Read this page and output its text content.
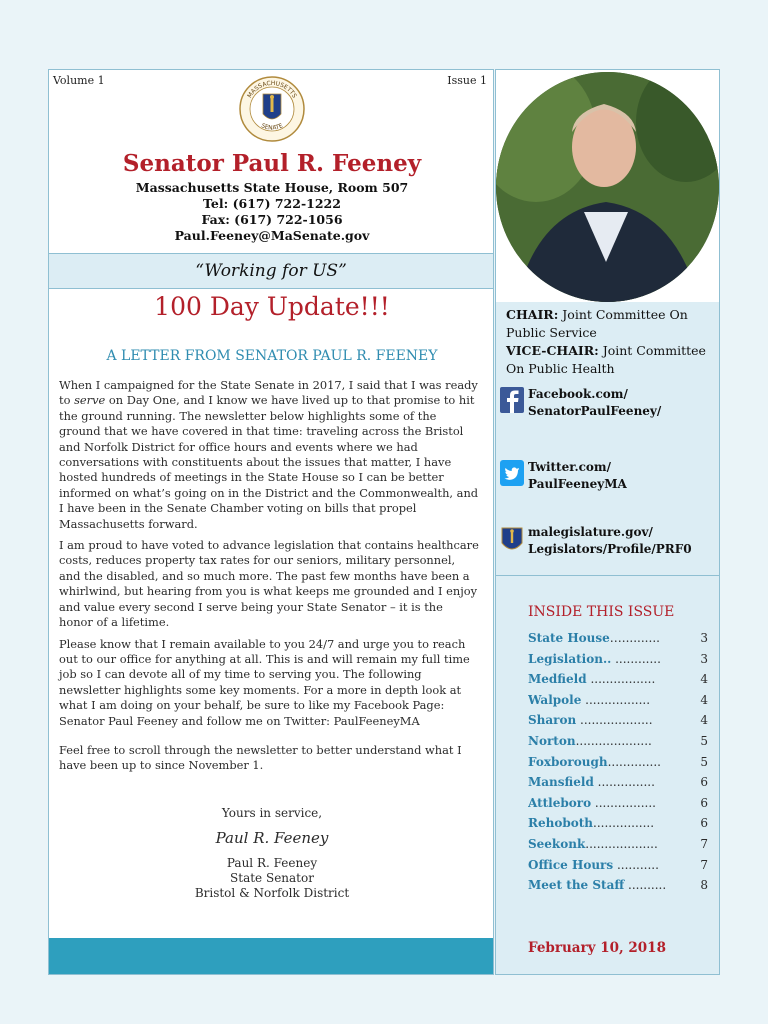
Volume 1	Issue 1
MASSACHUSETTS
SENATE
Senator Paul R. Feeney
Massachusetts State House, Room 507
Tel: (617) 722-1222
Fax: (617) 722-1056
Paul.Feeney@MaSenate.gov
“Working for US”
100 Day Update!!!
A LETTER FROM SENATOR PAUL R. FEENEY

When I campaigned for the State Senate in 2017, I said that I was ready to serve on Day One, and I know we have lived up to that promise to hit the ground running. The newsletter below highlights some of the ground that we have covered in that time: traveling across the Bristol and Norfolk District for office hours and events where we had conversations with constituents about the issues that matter, I have hosted hundreds of meetings in the State House so I can be better informed on what’s going on in the District and the Commonwealth, and I have been in the Senate Chamber voting on bills that propel Massachusetts forward.

I am proud to have voted to advance legislation that contains healthcare costs, reduces property tax rates for our seniors, military personnel, and the disabled, and so much more. The past few months have been a whirlwind, but hearing from you is what keeps me grounded and I enjoy and value every second I serve being your State Senator – it is the honor of a lifetime.

Please know that I remain available to you 24/7 and urge you to reach out to our office for anything at all. This is and will remain my full time job so I can devote all of my time to serving you. The following newsletter highlights some key moments. For a more in depth look at what I am doing on your behalf, be sure to like my Facebook Page: Senator Paul Feeney and follow me on Twitter: PaulFeeneyMA

Feel free to scroll through the newsletter to better understand what I have been up to since November 1.

Yours in service,
Paul R. Feeney
Paul R. Feeney
State Senator
Bristol & Norfolk District
CHAIR: Joint Committee On Public Service
VICE-CHAIR: Joint Committee On Public Health
Facebook.com/
SenatorPaulFeeney/
Twitter.com/
PaulFeeneyMA
malegislature.gov/
Legislators/Profile/PRF0
INSIDE THIS ISSUE
3
State House…..........
3
Legislation.. ............
4
Medfield .................
4
Walpole .................
4
Sharon ...................
5
Norton....................
5
Foxborough..............
6
Mansfield ...............
6
Attleboro ................
6
Rehoboth................
7
Seekonk...................
7
Office Hours ...........
8
Meet the Staff ..........
February 10, 2018
